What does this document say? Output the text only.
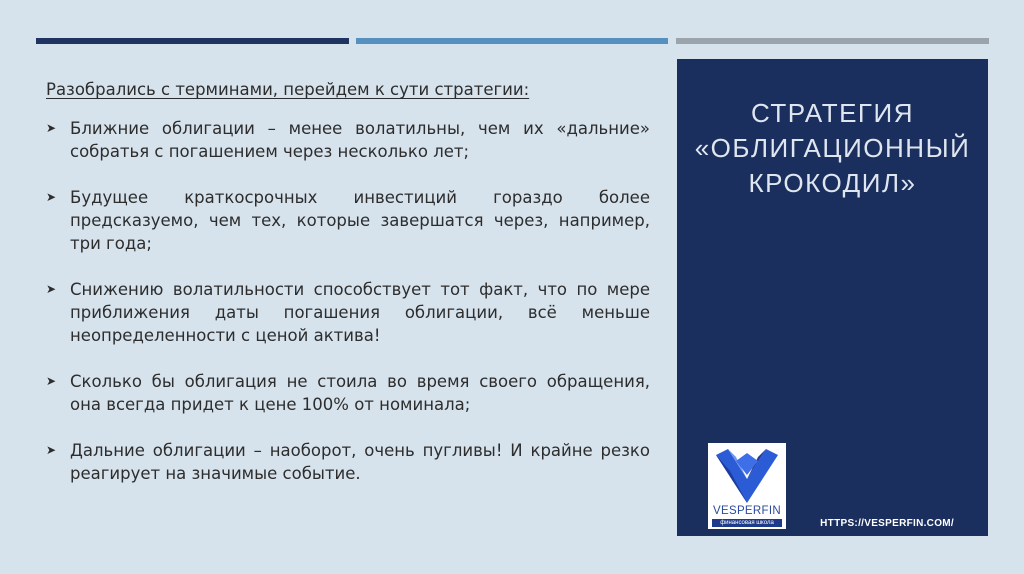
Разобрались с терминами, перейдем к сути стратегии:

➤ Ближние облигации – менее волатильны, чем их «дальние» собратья с погашением через несколько лет;
➤ Будущее краткосрочных инвестиций гораздо более предсказуемо, чем тех, которые завершатся через, например, три года;
➤ Снижению волатильности способствует тот факт, что по мере приближения даты погашения облигации, всё меньше неопределенности с ценой актива!
➤ Сколько бы облигация не стоила во время своего обращения, она всегда придет к цене 100% от номинала;
➤ Дальние облигации – наоборот, очень пугливы! И крайне резко реагирует на значимые событие.
СТРАТЕГИЯ
«ОБЛИГАЦИОННЫЙ
КРОКОДИЛ»
VESPERFIN
финансовая школа	HTTPS://VESPERFIN.COM/
